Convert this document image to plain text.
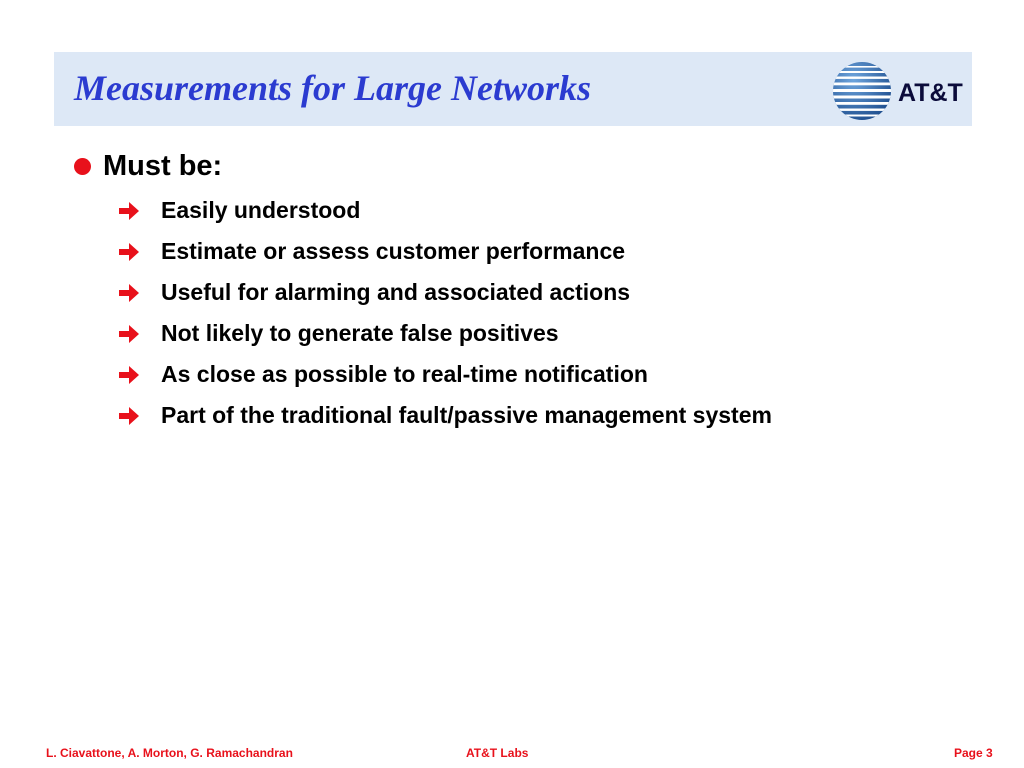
Measurements for Large Networks	AT&T
Must be:
Easily understood
Estimate or assess customer performance
Useful for alarming and associated actions
Not likely to generate false positives
As close as possible to real-time notification
Part of the traditional fault/passive management system
L. Ciavattone, A. Morton, G. Ramachandran	AT&T Labs	Page 3
